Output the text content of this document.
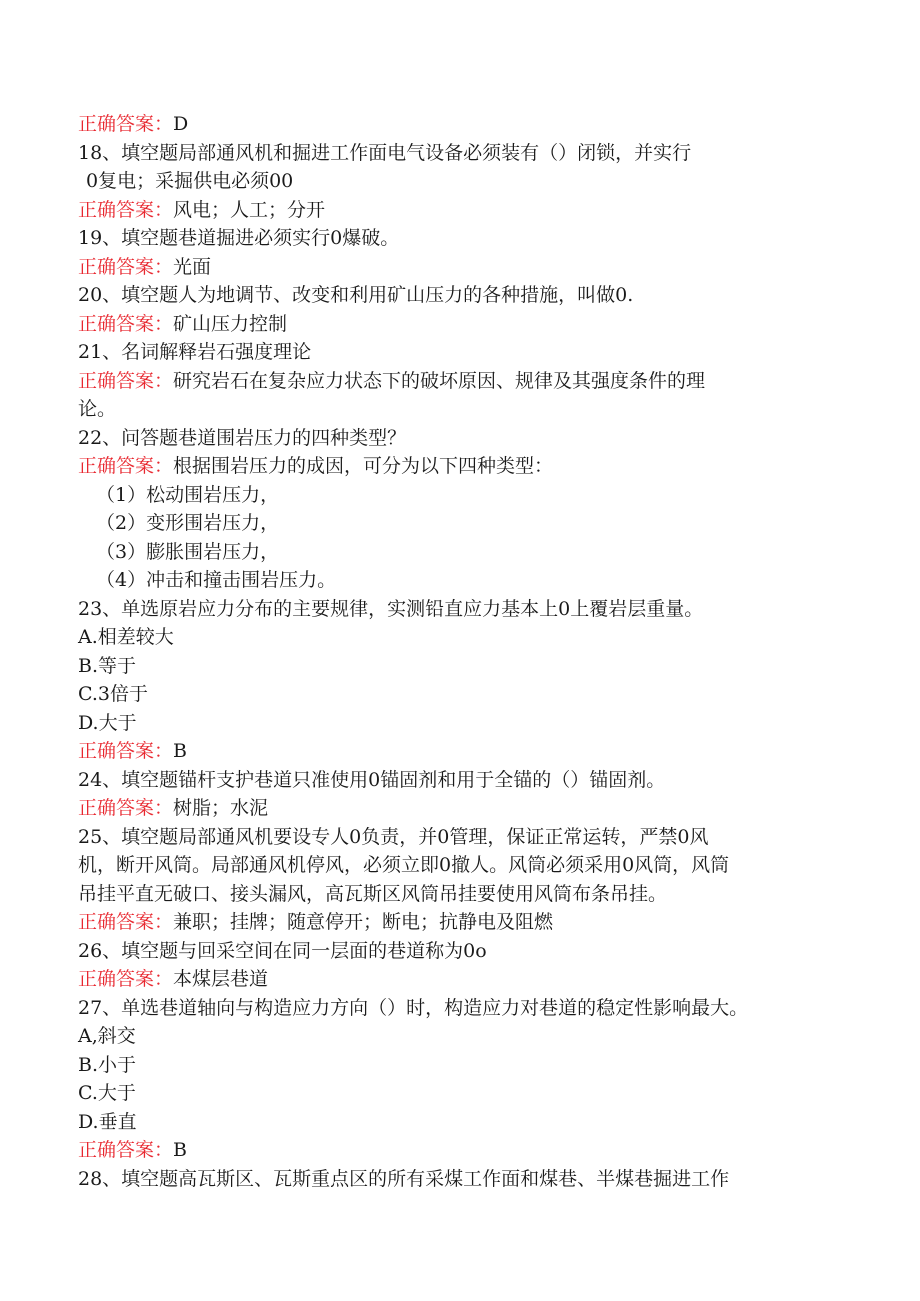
正确答案：D
18、填空题局部通风机和掘进工作面电气设备必须装有（）闭锁，并实行
0复电；采掘供电必须00
正确答案：风电；人工；分开
19、填空题巷道掘进必须实行0爆破。
正确答案：光面
20、填空题人为地调节、改变和利用矿山压力的各种措施，叫做0.
正确答案：矿山压力控制
21、名词解释岩石强度理论
正确答案：研究岩石在复杂应力状态下的破坏原因、规律及其强度条件的理
论。
22、问答题巷道围岩压力的四种类型？
正确答案：根据围岩压力的成因，可分为以下四种类型：
（1）松动围岩压力，
（2）变形围岩压力，
（3）膨胀围岩压力，
（4）冲击和撞击围岩压力。
23、单选原岩应力分布的主要规律，实测铅直应力基本上0上覆岩层重量。
A.相差较大
B.等于
C.3倍于
D.大于
正确答案：B
24、填空题锚杆支护巷道只准使用0锚固剂和用于全锚的（）锚固剂。
正确答案：树脂；水泥
25、填空题局部通风机要设专人0负责，并0管理，保证正常运转，严禁0风
机，断开风筒。局部通风机停风，必须立即0撤人。风筒必须采用0风筒，风筒
吊挂平直无破口、接头漏风，高瓦斯区风筒吊挂要使用风筒布条吊挂。
正确答案：兼职；挂牌；随意停开；断电；抗静电及阻燃
26、填空题与回采空间在同一层面的巷道称为0o
正确答案：本煤层巷道
27、单选巷道轴向与构造应力方向（）时，构造应力对巷道的稳定性影响最大。
A,斜交
B.小于
C.大于
D.垂直
正确答案：B
28、填空题高瓦斯区、瓦斯重点区的所有采煤工作面和煤巷、半煤巷掘进工作
